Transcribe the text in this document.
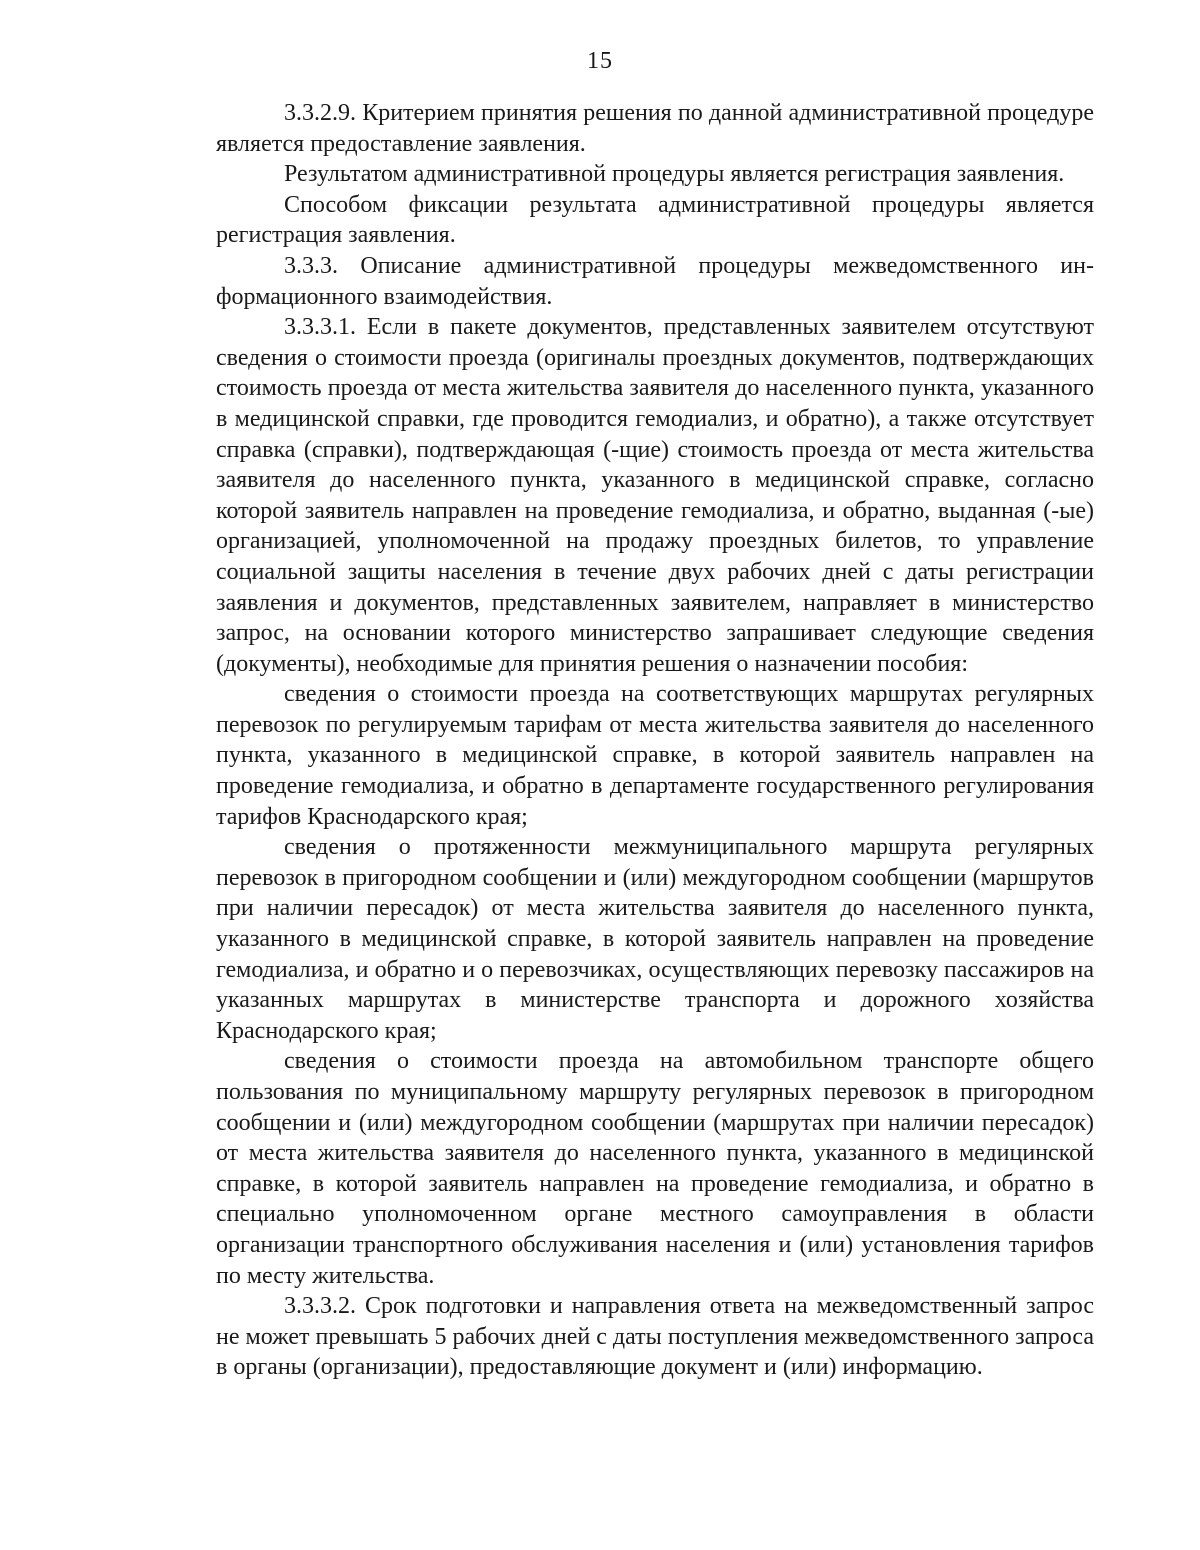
15

3.3.2.9. Критерием принятия решения по данной административной процедуре является предоставление заявления.

Результатом административной процедуры является регистрация заявления.

Способом фиксации результата административной процедуры является регистрация заявления.

3.3.3. Описание административной процедуры межведомственного информационного взаимодействия.

3.3.3.1. Если в пакете документов, представленных заявителем отсутствуют сведения о стоимости проезда (оригиналы проездных документов, подтверждающих стоимость проезда от места жительства заявителя до населенного пункта, указанного в медицинской справки, где проводится гемодиализ, и обратно), а также отсутствует справка (справки), подтверждающая (-щие) стоимость проезда от места жительства заявителя до населенного пункта, указанного в медицинской справке, согласно которой заявитель направлен на проведение гемодиализа, и обратно, выданная (-ые) организацией, уполномоченной на продажу проездных билетов, то управление социальной защиты населения в течение двух рабочих дней с даты регистрации заявления и документов, представленных заявителем, направляет в министерство запрос, на основании которого министерство запрашивает следующие сведения (документы), необходимые для принятия решения о назначении пособия:

сведения о стоимости проезда на соответствующих маршрутах регулярных перевозок по регулируемым тарифам от места жительства заявителя до населенного пункта, указанного в медицинской справке, в которой заявитель направлен на проведение гемодиализа, и обратно в департаменте государственного регулирования тарифов Краснодарского края;

сведения о протяженности межмуниципального маршрута регулярных перевозок в пригородном сообщении и (или) междугородном сообщении (маршрутов при наличии пересадок) от места жительства заявителя до населенного пункта, указанного в медицинской справке, в которой заявитель направлен на проведение гемодиализа, и обратно и о перевозчиках, осуществляющих перевозку пассажиров на указанных маршрутах в министерстве транспорта и дорожного хозяйства Краснодарского края;

сведения о стоимости проезда на автомобильном транспорте общего пользования по муниципальному маршруту регулярных перевозок в пригородном сообщении и (или) междугородном сообщении (маршрутах при наличии пересадок) от места жительства заявителя до населенного пункта, указанного в медицинской справке, в которой заявитель направлен на проведение гемодиализа, и обратно в специально уполномоченном органе местного самоуправления в области организации транспортного обслуживания населения и (или) установления тарифов по месту жительства.

3.3.3.2. Срок подготовки и направления ответа на межведомственный запрос не может превышать 5 рабочих дней с даты поступления межведомственного запроса в органы (организации), предоставляющие документ и (или) информацию.
